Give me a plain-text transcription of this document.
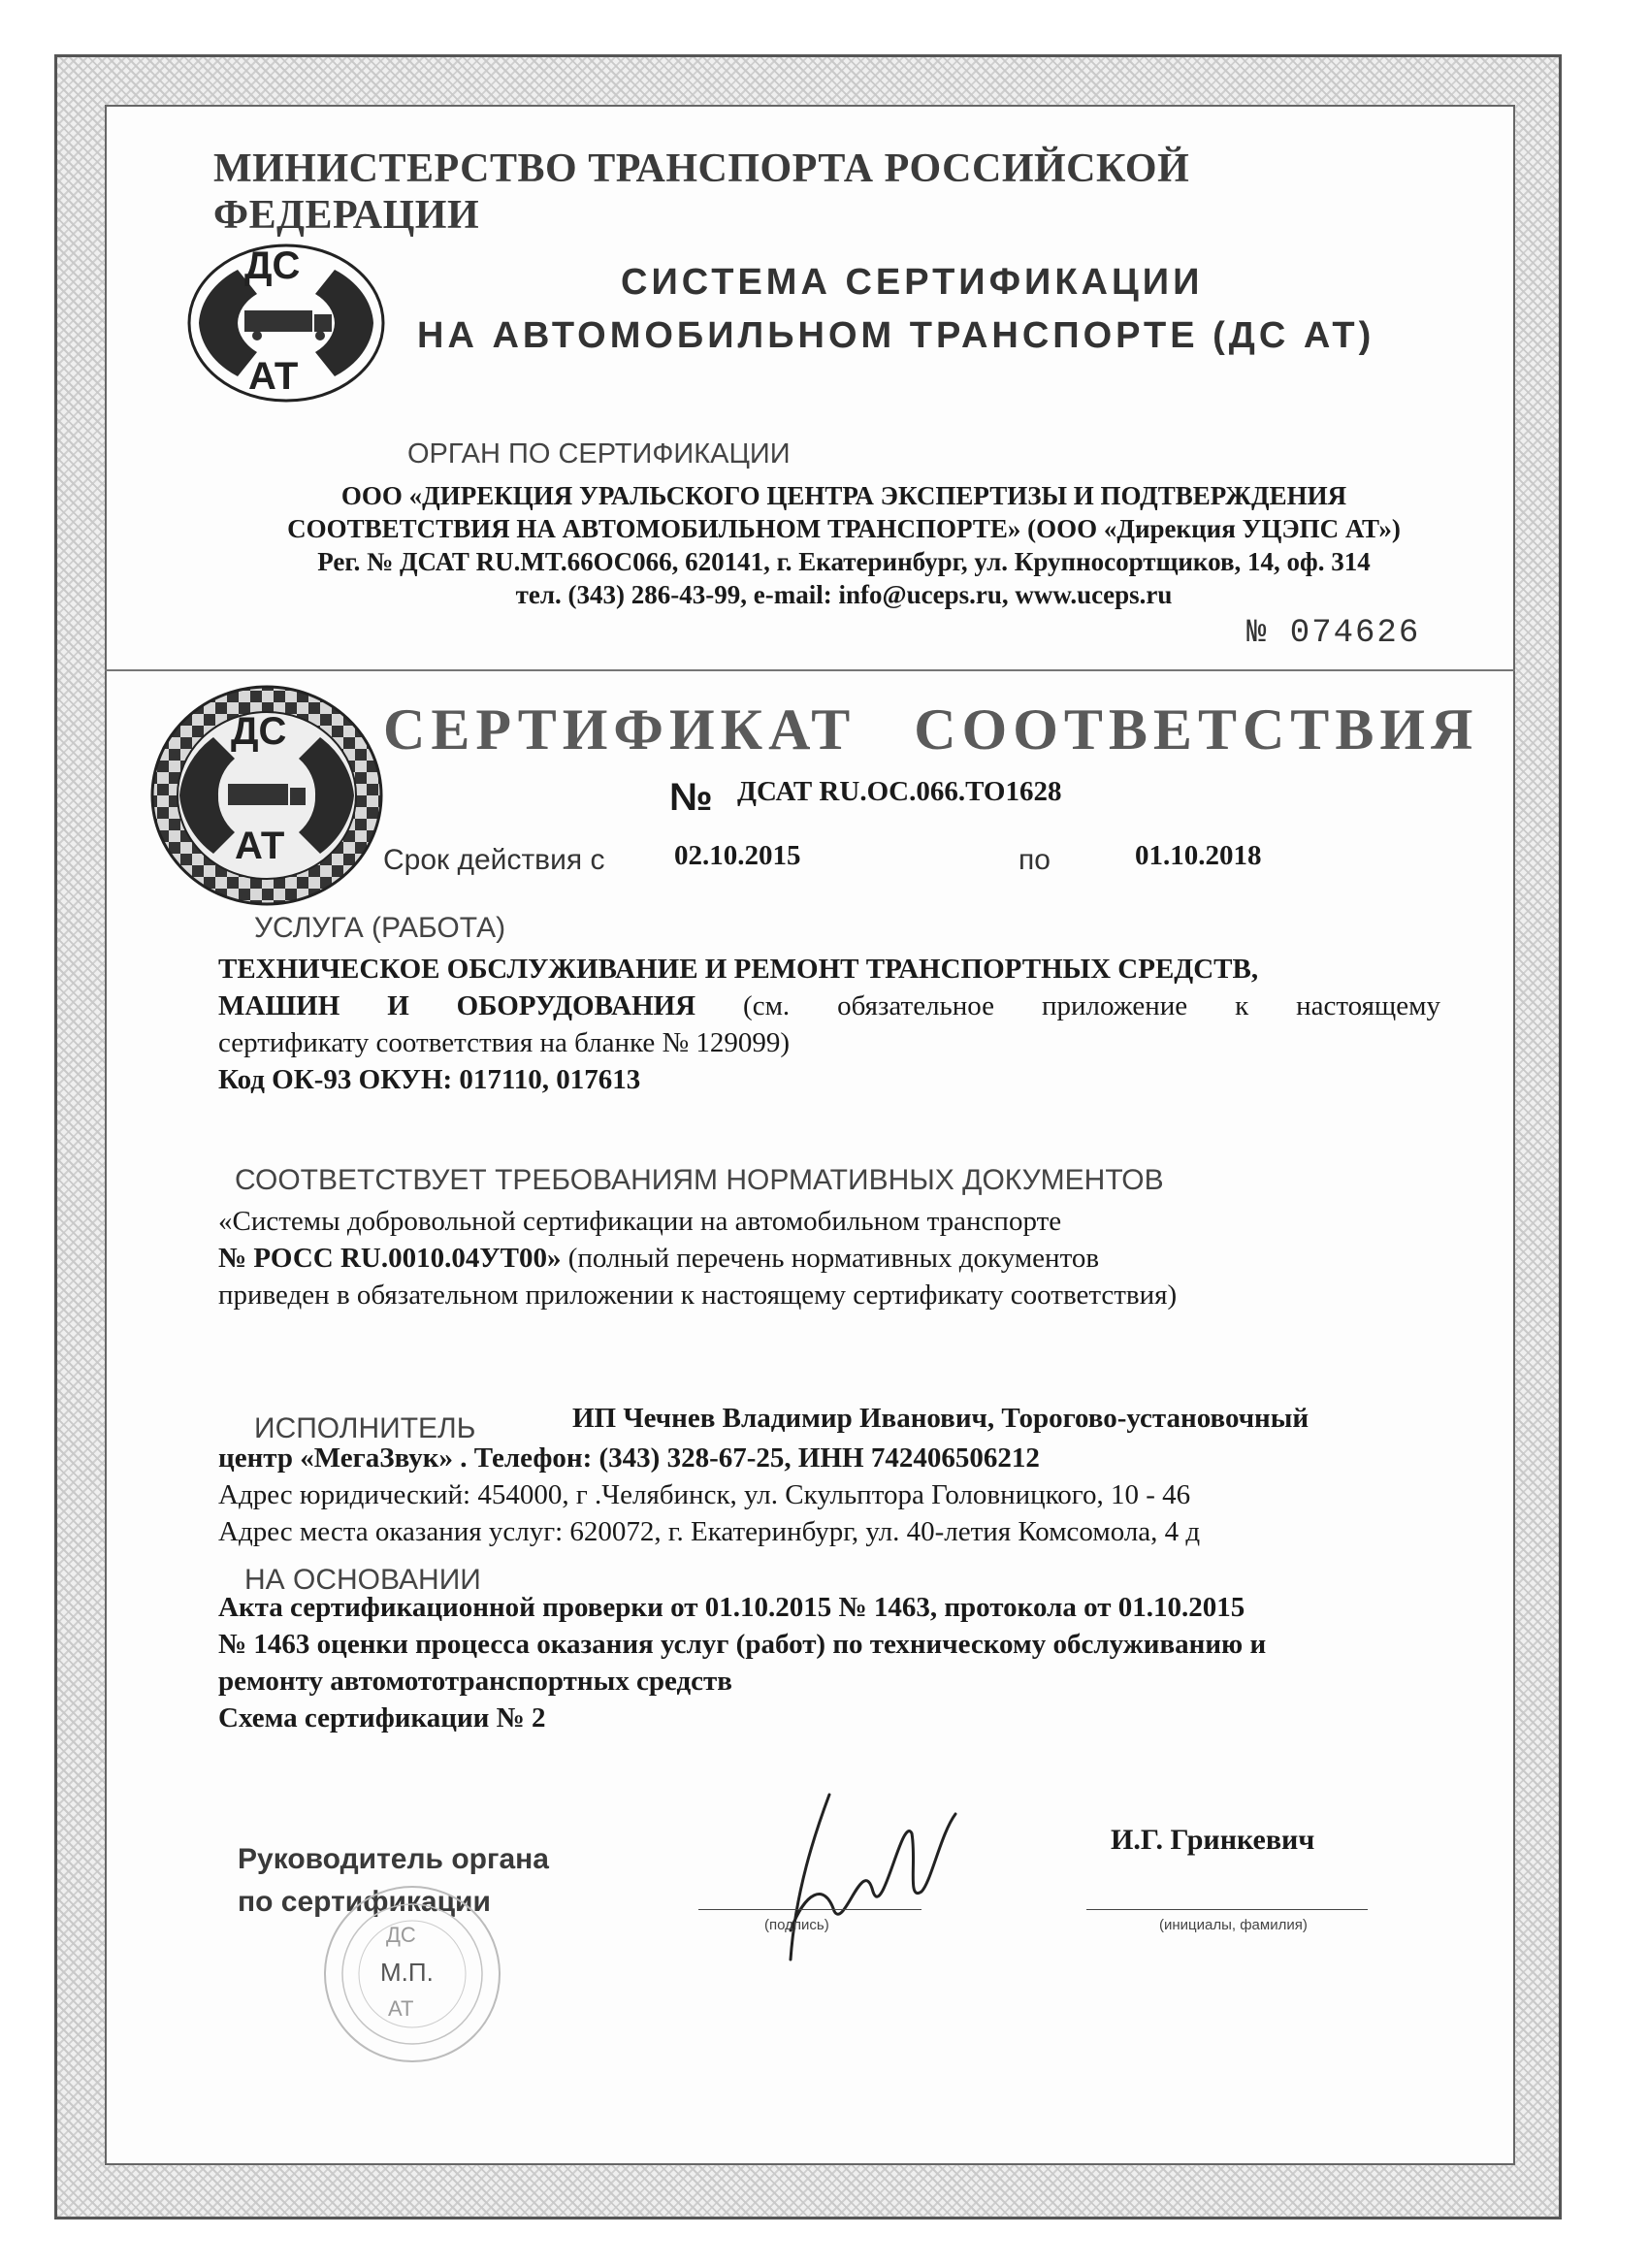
МИНИСТЕРСТВО ТРАНСПОРТА РОССИЙСКОЙ ФЕДЕРАЦИИ
ДС
АТ
СИСТЕМА СЕРТИФИКАЦИИ
НА АВТОМОБИЛЬНОМ ТРАНСПОРТЕ (ДС АТ)
ОРГАН ПО СЕРТИФИКАЦИИ
ООО «ДИРЕКЦИЯ УРАЛЬСКОГО ЦЕНТРА ЭКСПЕРТИЗЫ И ПОДТВЕРЖДЕНИЯ
СООТВЕТСТВИЯ НА АВТОМОБИЛЬНОМ ТРАНСПОРТЕ» (ООО «Дирекция УЦЭПС АТ»)
Рег. № ДСАТ RU.MT.66OC066, 620141, г. Екатеринбург, ул. Крупносортщиков, 14, оф. 314
тел. (343) 286-43-99, e-mail: info@uceps.ru, www.uceps.ru
№ 074626
ДС
АТ
СЕРТИФИКАТ СООТВЕТСТВИЯ
№ ДСАТ RU.OC.066.TO1628
Срок действия с 02.10.2015	по	01.10.2018
УСЛУГА (РАБОТА)
ТЕХНИЧЕСКОЕ ОБСЛУЖИВАНИЕ И РЕМОНТ ТРАНСПОРТНЫХ СРЕДСТВ,
МАШИН И ОБОРУДОВАНИЯ (см. обязательное приложение к настоящему
сертификату соответствия на бланке № 129099)
Код ОК-93 ОКУН: 017110, 017613
СООТВЕТСТВУЕТ ТРЕБОВАНИЯМ НОРМАТИВНЫХ ДОКУМЕНТОВ
«Системы добровольной сертификации на автомобильном транспорте
№ РОСС RU.0010.04УТ00» (полный перечень нормативных документов
приведен в обязательном приложении к настоящему сертификату соответствия)
ИСПОЛНИТЕЛЬ	ИП Чечнев Владимир Иванович, Торогово-установочный
центр «МегаЗвук» . Телефон: (343) 328-67-25, ИНН 742406506212
Адрес юридический: 454000, г .Челябинск, ул. Скульптора Головницкого, 10 - 46
Адрес места оказания услуг: 620072, г. Екатеринбург, ул. 40-летия Комсомола, 4 д
НА ОСНОВАНИИ
Акта сертификационной проверки от 01.10.2015 № 1463, протокола от 01.10.2015
№ 1463 оценки процесса оказания услуг (работ) по техническому обслуживанию и
ремонту автомототранспортных средств
Схема сертификации № 2
Руководитель органа
по сертификации
ДС
М.П.
АТ
(подпись)
И.Г. Гринкевич
(инициалы, фамилия)
